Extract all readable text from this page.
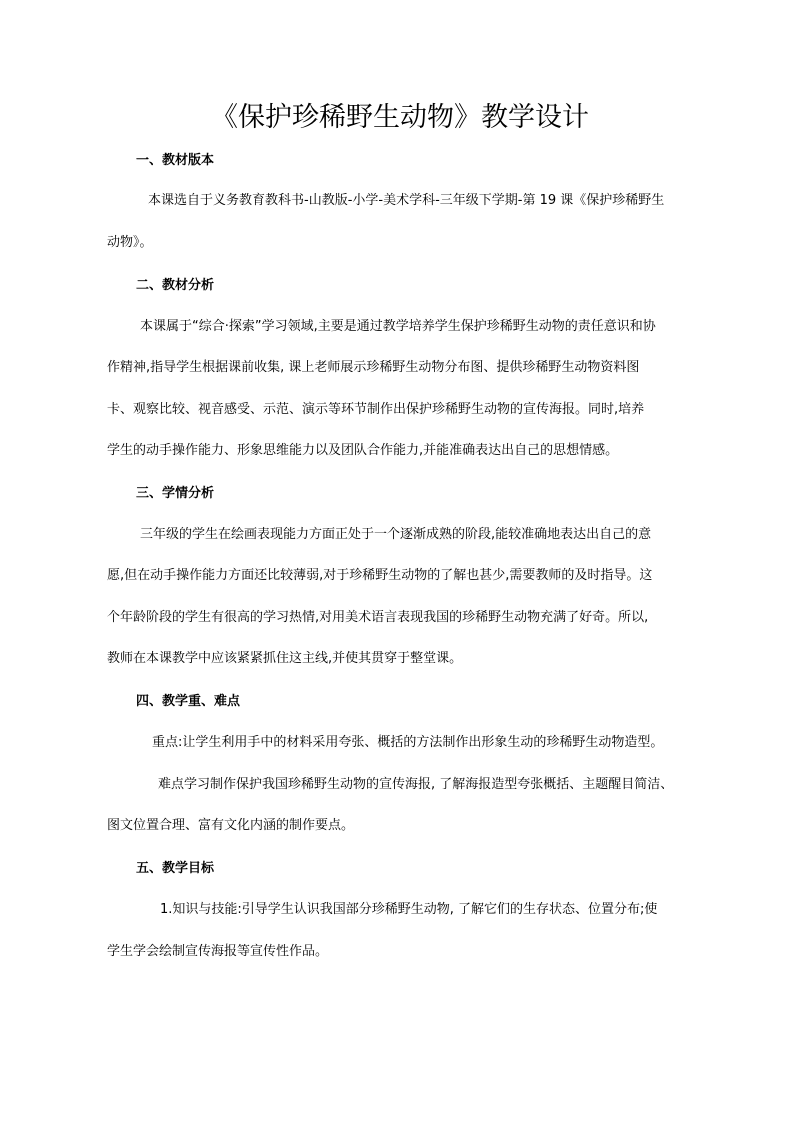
《保护珍稀野生动物》教学设计
一、教材版本
本课选自于义务教育教科书-山教版-小学-美术学科-三年级下学期-第 19 课《保护珍稀野生
动物》。
二、教材分析
本课属于“综合·探索”学习领域,主要是通过教学培养学生保护珍稀野生动物的责任意识和协
作精神,指导学生根据课前收集, 课上老师展示珍稀野生动物分布图、提供珍稀野生动物资料图
卡、观察比较、视音感受、示范、演示等环节制作出保护珍稀野生动物的宣传海报。同时,培养
学生的动手操作能力、形象思维能力以及团队合作能力,并能准确表达出自己的思想情感。
三、学情分析
三年级的学生在绘画表现能力方面正处于一个逐渐成熟的阶段,能较准确地表达出自己的意
愿,但在动手操作能力方面还比较薄弱,对于珍稀野生动物的了解也甚少,需要教师的及时指导。这
个年龄阶段的学生有很高的学习热情,对用美术语言表现我国的珍稀野生动物充满了好奇。所以,
教师在本课教学中应该紧紧抓住这主线,并使其贯穿于整堂课。
四、教学重、难点
重点:让学生利用手中的材料采用夸张、概括的方法制作出形象生动的珍稀野生动物造型。
难点学习制作保护我国珍稀野生动物的宣传海报, 了解海报造型夸张概括、主题醒目简洁、
图文位置合理、富有文化内涵的制作要点。
五、教学目标
1.知识与技能:引导学生认识我国部分珍稀野生动物, 了解它们的生存状态、位置分布;使
学生学会绘制宣传海报等宣传性作品。
